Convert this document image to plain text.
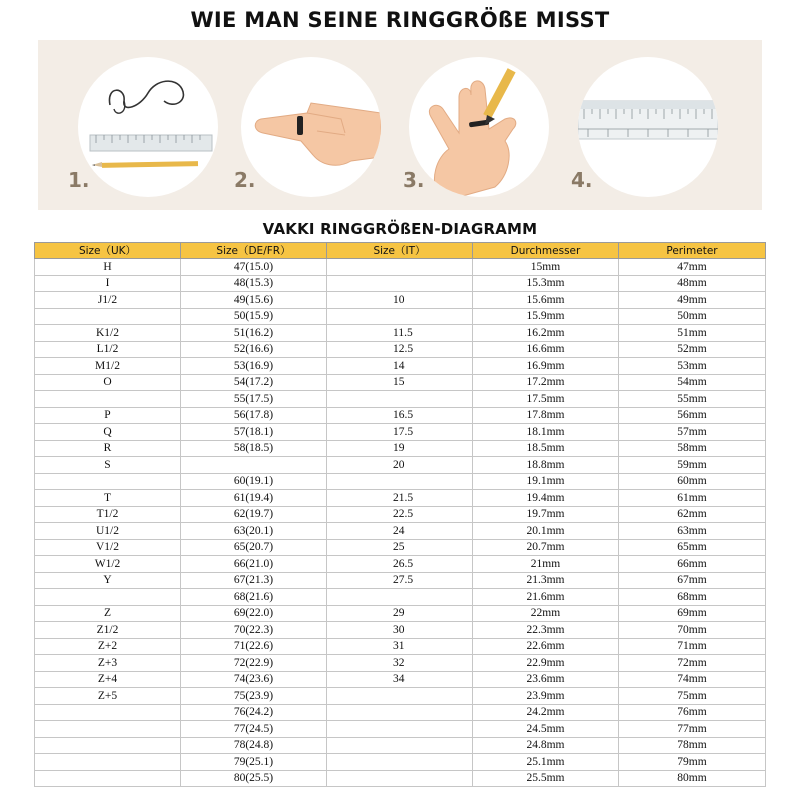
WIE MAN SEINE RINGGRÖßE MISST
1.	2.	3.	4.
VAKKI RINGGRÖßEN-DIAGRAMM
Size（UK）	Size（DE/FR）	Size（IT）	Durchmesser	Perimeter
H	47(15.0)		15mm	47mm
I	48(15.3)		15.3mm	48mm
J1/2	49(15.6)	10	15.6mm	49mm
	50(15.9)		15.9mm	50mm
K1/2	51(16.2)	11.5	16.2mm	51mm
L1/2	52(16.6)	12.5	16.6mm	52mm
M1/2	53(16.9)	14	16.9mm	53mm
O	54(17.2)	15	17.2mm	54mm
	55(17.5)		17.5mm	55mm
P	56(17.8)	16.5	17.8mm	56mm
Q	57(18.1)	17.5	18.1mm	57mm
R	58(18.5)	19	18.5mm	58mm
S		20	18.8mm	59mm
	60(19.1)		19.1mm	60mm
T	61(19.4)	21.5	19.4mm	61mm
T1/2	62(19.7)	22.5	19.7mm	62mm
U1/2	63(20.1)	24	20.1mm	63mm
V1/2	65(20.7)	25	20.7mm	65mm
W1/2	66(21.0)	26.5	21mm	66mm
Y	67(21.3)	27.5	21.3mm	67mm
	68(21.6)		21.6mm	68mm
Z	69(22.0)	29	22mm	69mm
Z1/2	70(22.3)	30	22.3mm	70mm
Z+2	71(22.6)	31	22.6mm	71mm
Z+3	72(22.9)	32	22.9mm	72mm
Z+4	74(23.6)	34	23.6mm	74mm
Z+5	75(23.9)		23.9mm	75mm
	76(24.2)		24.2mm	76mm
	77(24.5)		24.5mm	77mm
	78(24.8)		24.8mm	78mm
	79(25.1)		25.1mm	79mm
	80(25.5)		25.5mm	80mm
